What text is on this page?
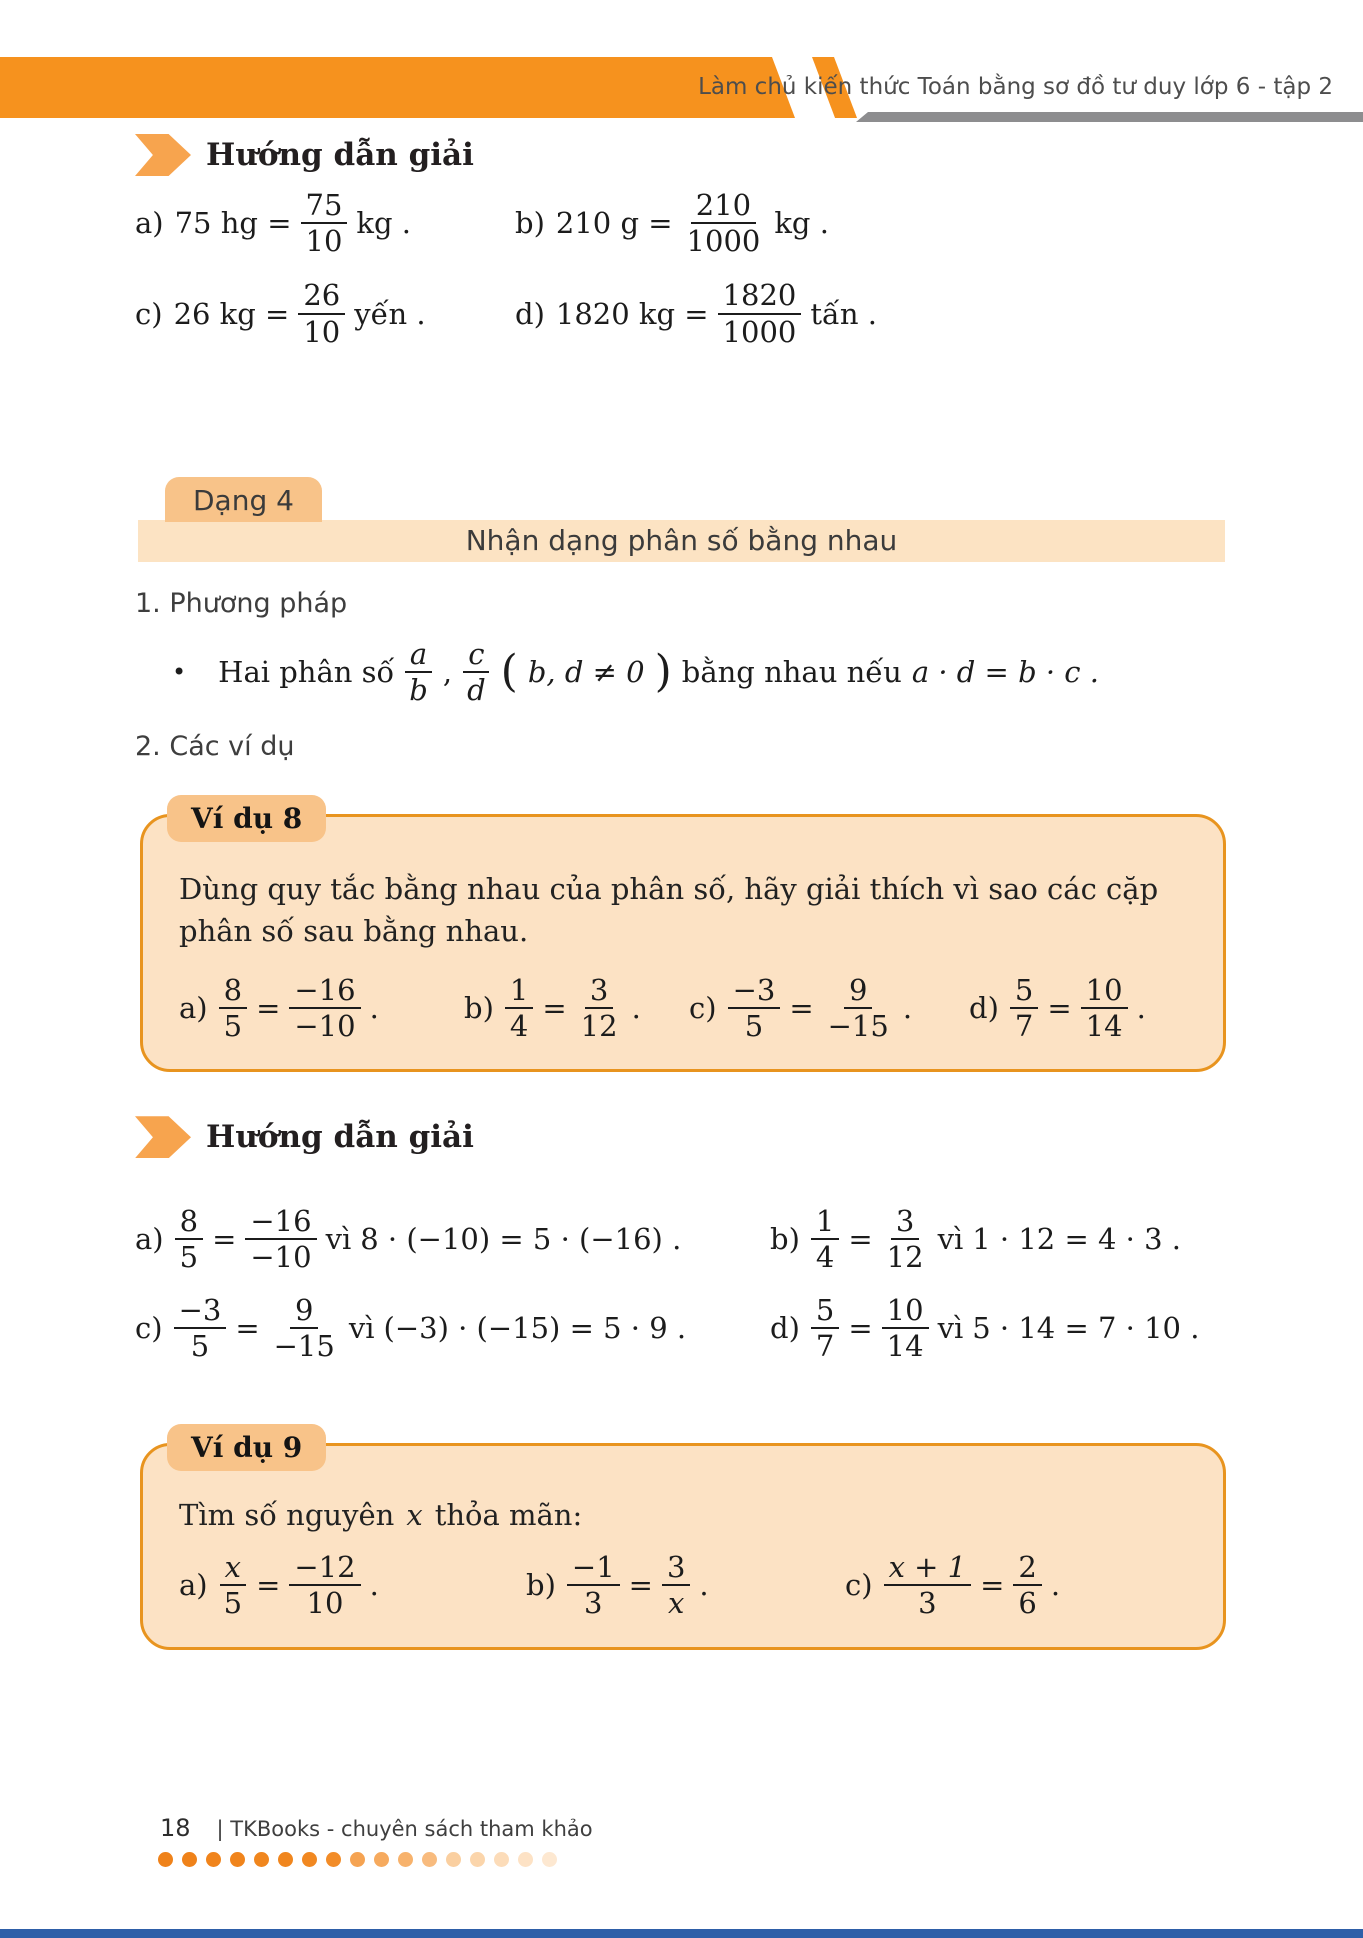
Làm chủ kiến thức Toán bằng sơ đồ tư duy lớp 6 - tập 2
Hướng dẫn giải
a) 75 hg = $\frac{75}{10}$ kg .	b) 210 $g = \frac{210}{1000}$ kg .
c) 26 kg = $\frac{26}{10}$ yến .	d) 1820 kg = $\frac{1820}{1000}$ tấn .
Dạng 4
Nhận dạng phân số bằng nhau
1. Phương pháp
• Hai phân số $\frac{a}{b}$ , $\frac{c}{d}$ ( b, d ≠ 0 ) bằng nhau nếu a · d = b · c .
2. Các ví dụ
Ví dụ 8
Dùng quy tắc bằng nhau của phân số, hãy giải thích vì sao các cặp phân số sau bằng nhau.
$a) \frac{8}{5} = \frac{-16}{-10}$ .	$b) \frac{1}{4} = \frac{3}{12}$ . $c) \frac{-3}{5} = \frac{9}{-15}$ . $d) \frac{5}{7} = \frac{10}{14}$ .
Hướng dẫn giải
$a) \frac{8}{5} = \frac{-16}{-10}$ vì 8 · (−10) = 5 · (−16) .	$b) \frac{1}{4} = \frac{3}{12}$ vì 1 · 12 = 4 · 3 .
$c) \frac{-3}{5} = \frac{9}{-15}$ vì (−3) · (−15) = 5 · 9 .	$d) \frac{5}{7} = \frac{10}{14}$ vì 5 · 14 = 7 · 10 .
Ví dụ 9
Tìm số nguyên x thỏa mãn:
$a) \frac{x}{5} = \frac{-12}{10}$ .	$b) \frac{-1}{3} = \frac{3}{x}$ .	$c) \frac{x + 1}{3} = \frac{2}{6}$ .
18 | TKBooks - chuyên sách tham khảo
